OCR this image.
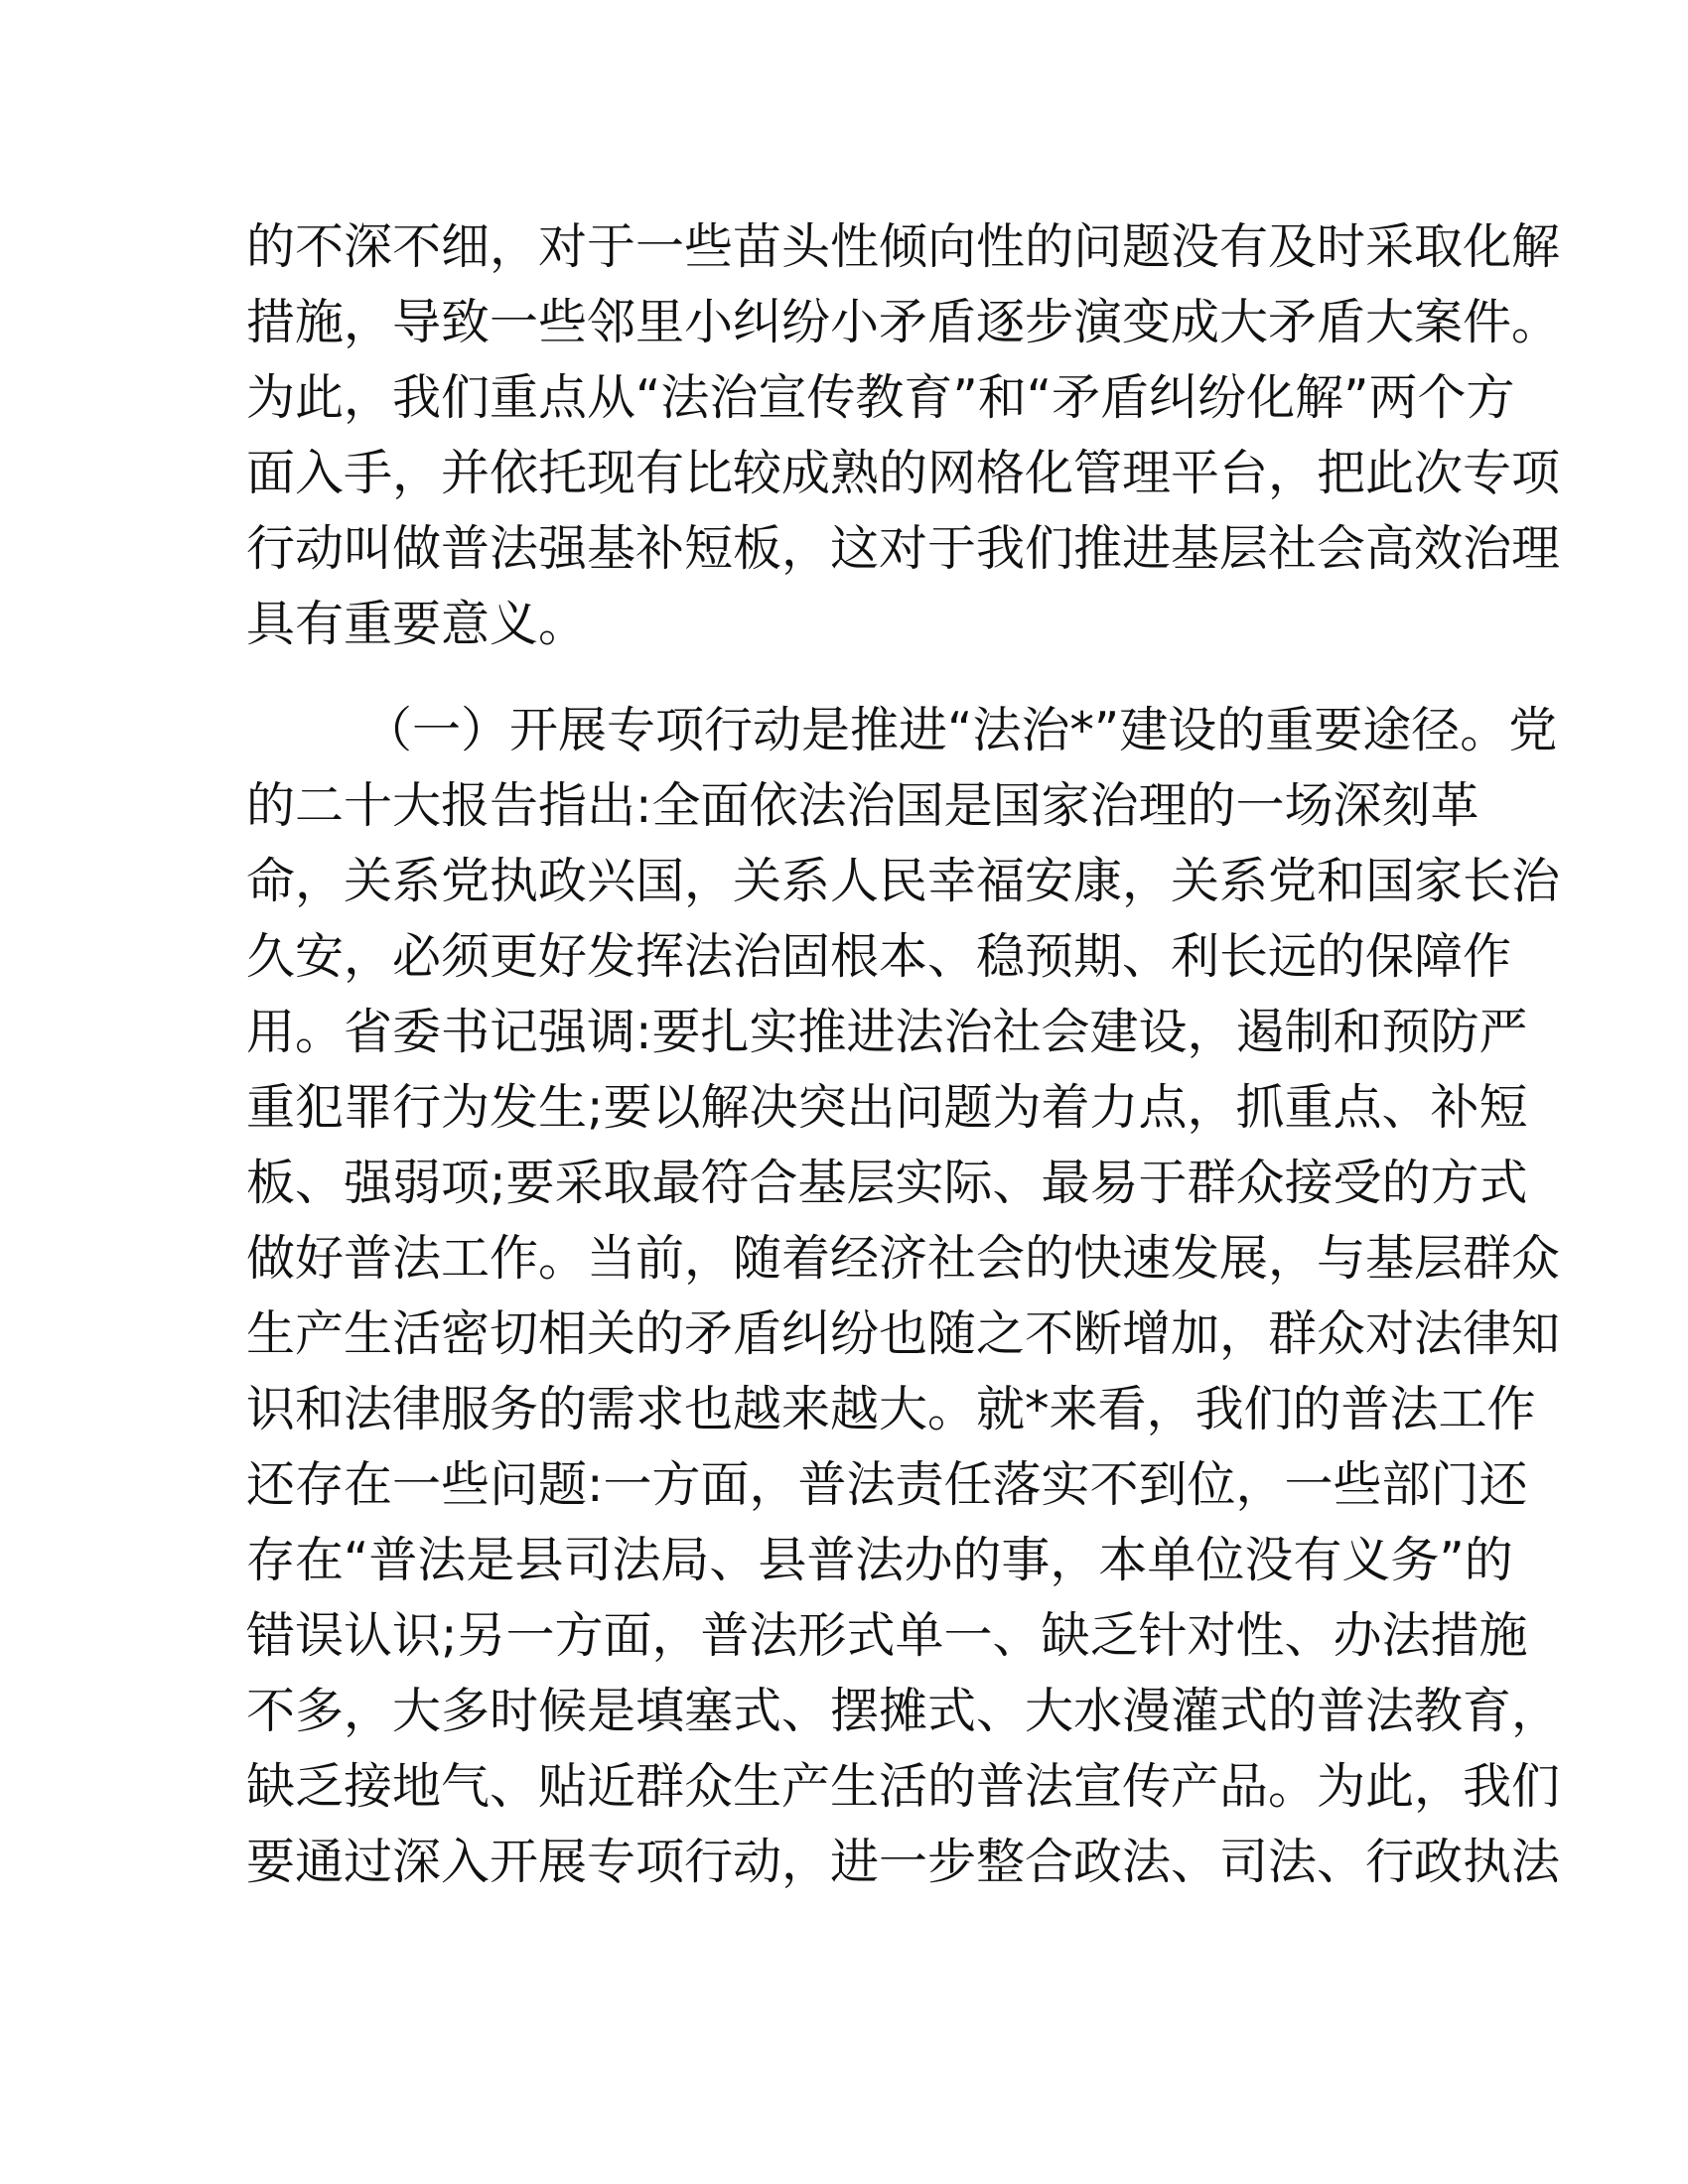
的不深不细，对于一些苗头性倾向性的问题没有及时采取化解
措施，导致一些邻里小纠纷小矛盾逐步演变成大矛盾大案件。
为此，我们重点从“法治宣传教育”和“矛盾纠纷化解”两个方
面入手，并依托现有比较成熟的网格化管理平台，把此次专项
行动叫做普法强基补短板，这对于我们推进基层社会高效治理
具有重要意义。
（一）开展专项行动是推进“法治*”建设的重要途径。党
的二十大报告指出:全面依法治国是国家治理的一场深刻革
命，关系党执政兴国，关系人民幸福安康，关系党和国家长治
久安，必须更好发挥法治固根本、稳预期、利长远的保障作
用。省委书记强调:要扎实推进法治社会建设，遏制和预防严
重犯罪行为发生;要以解决突出问题为着力点，抓重点、补短
板、强弱项;要采取最符合基层实际、最易于群众接受的方式
做好普法工作。当前，随着经济社会的快速发展，与基层群众
生产生活密切相关的矛盾纠纷也随之不断增加，群众对法律知
识和法律服务的需求也越来越大。就*来看，我们的普法工作
还存在一些问题:一方面，普法责任落实不到位，一些部门还
存在“普法是县司法局、县普法办的事，本单位没有义务”的
错误认识;另一方面，普法形式单一、缺乏针对性、办法措施
不多，大多时候是填塞式、摆摊式、大水漫灌式的普法教育，
缺乏接地气、贴近群众生产生活的普法宣传产品。为此，我们
要通过深入开展专项行动，进一步整合政法、司法、行政执法
